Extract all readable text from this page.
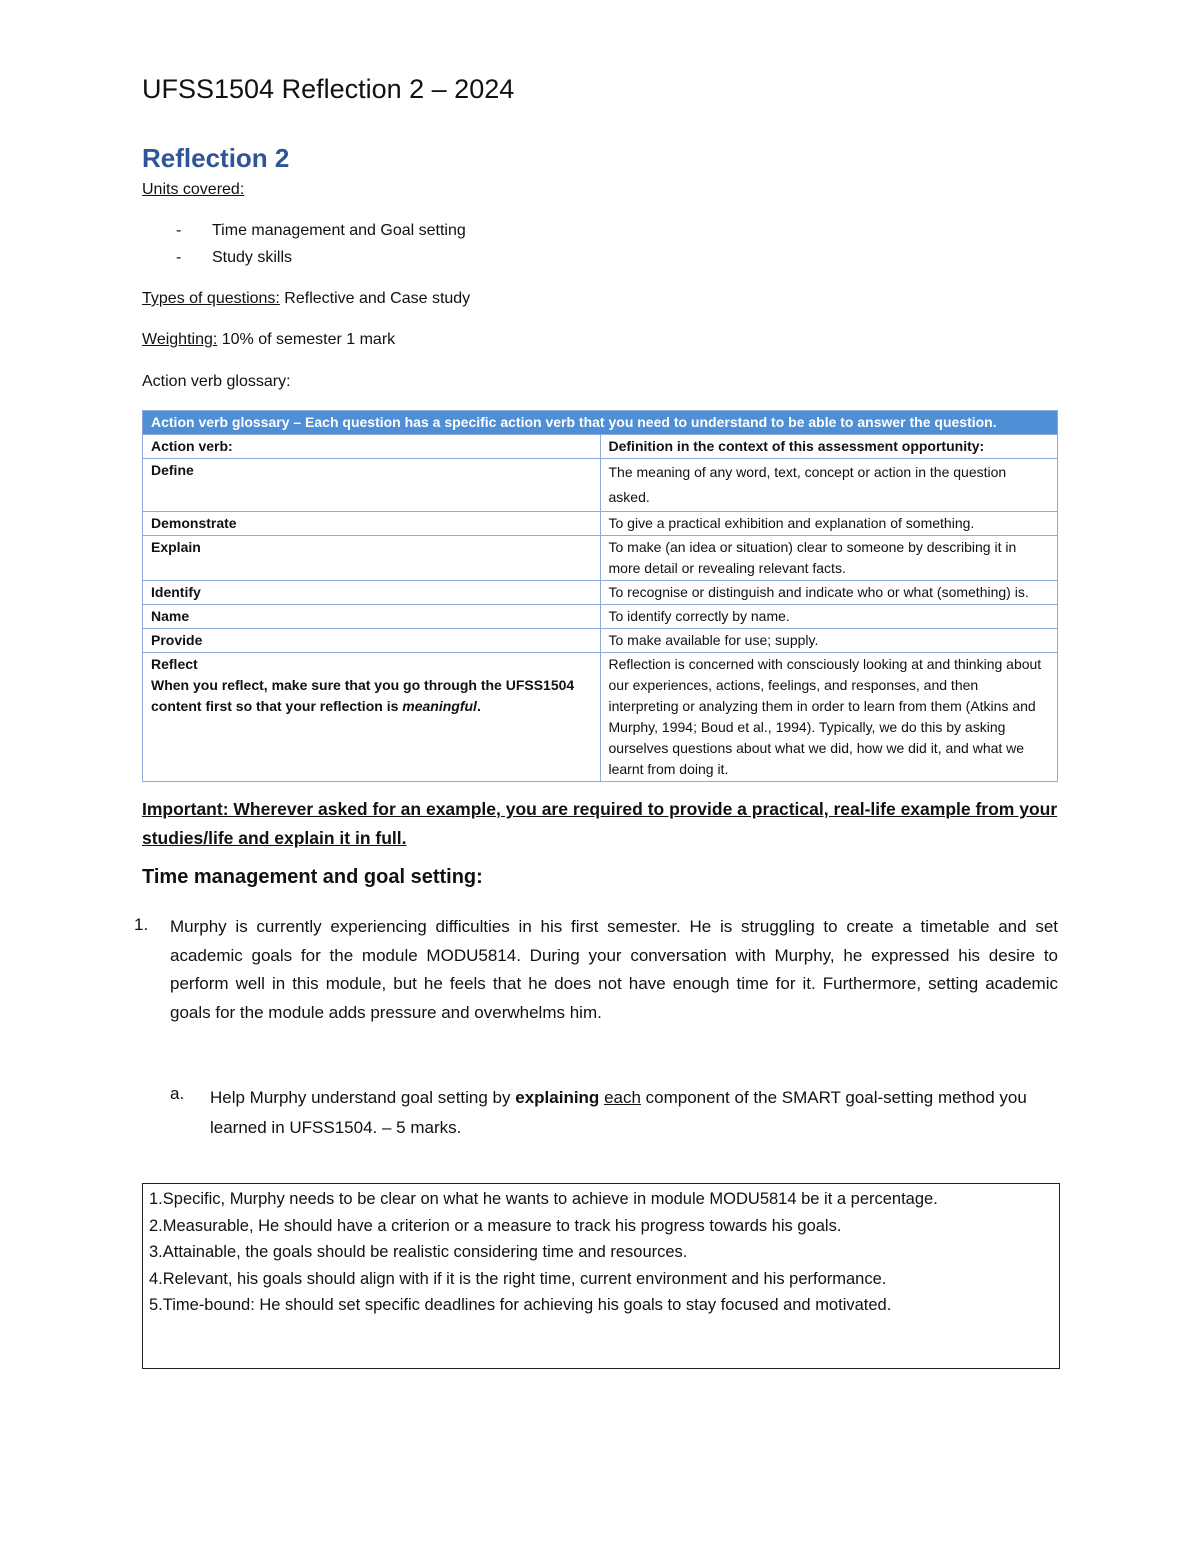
UFSS1504 Reflection 2 – 2024
Reflection 2
Units covered:
- Time management and Goal setting
- Study skills
Types of questions: Reflective and Case study
Weighting: 10% of semester 1 mark
Action verb glossary:
Action verb glossary – Each question has a specific action verb that you need to understand to be able to answer the question.	
Action verb:	Definition in the context of this assessment opportunity:
Define	The meaning of any word, text, concept or action in the question asked.
Demonstrate	To give a practical exhibition and explanation of something.
Explain	To make (an idea or situation) clear to someone by describing it in more detail or revealing relevant facts.
Identify	To recognise or distinguish and indicate who or what (something) is.
Name	To identify correctly by name.
Provide	To make available for use; supply.

Reflect
When you reflect, make sure that you go through the UFSS1504 content first so that your reflection is meaningful.	Reflection is concerned with consciously looking at and thinking about our experiences, actions, feelings, and responses, and then interpreting or analyzing them in order to learn from them (Atkins and Murphy, 1994; Boud et al., 1994). Typically, we do this by asking ourselves questions about what we did, how we did it, and what we learnt from doing it.
Important: Wherever asked for an example, you are required to provide a practical, real-life example from your studies/life and explain it in full.
Time management and goal setting:
1. Murphy is currently experiencing difficulties in his first semester. He is struggling to create a timetable and set academic goals for the module MODU5814. During your conversation with Murphy, he expressed his desire to perform well in this module, but he feels that he does not have enough time for it. Furthermore, setting academic goals for the module adds pressure and overwhelms him.
a. Help Murphy understand goal setting by explaining each component of the SMART goal-setting method you learned in UFSS1504. – 5 marks.
1.Specific, Murphy needs to be clear on what he wants to achieve in module MODU5814 be it a percentage.
2.Measurable, He should have a criterion or a measure to track his progress towards his goals.
3.Attainable, the goals should be realistic considering time and resources.
4.Relevant, his goals should align with if it is the right time, current environment and his performance.
5.Time-bound: He should set specific deadlines for achieving his goals to stay focused and motivated.
